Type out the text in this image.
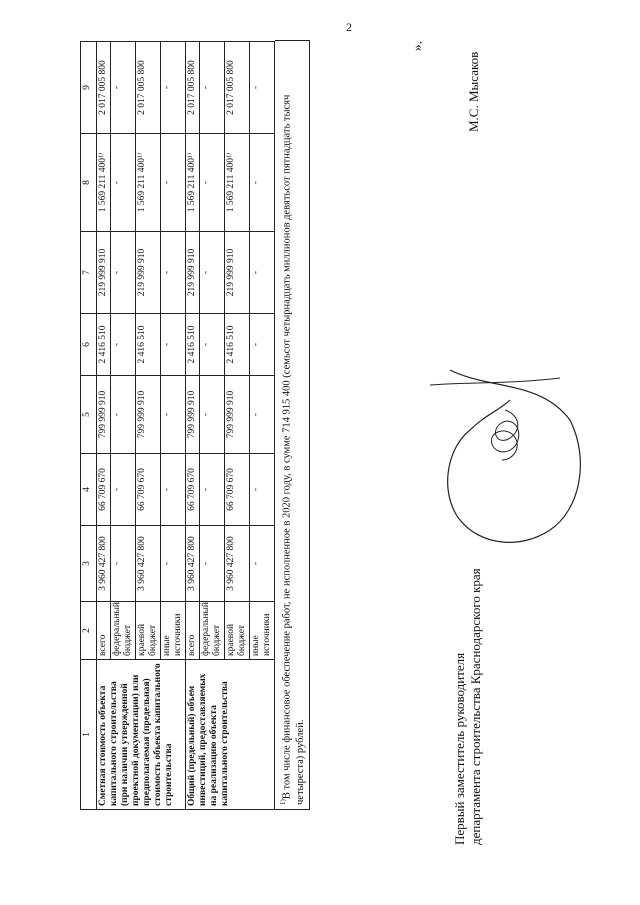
2
1	2	3	4	5	6	7	8	9
Сметная стоимость объекта капитального строительства (при наличии утвержденной проектной документации) или предполагаемая (предельная) стоимость объекта капитального строительства	всего	3 960 427 800	66 709 670	799 999 910	2 416 510	219 999 910	1 569 211 400¹⁾	2 017 005 800
	федеральный бюджет	-	-	-	-	-	-	-
	краевой бюджет	3 960 427 800	66 709 670	799 999 910	2 416 510	219 999 910	1 569 211 400¹⁾	2 017 005 800
	иные источники	-	-	-	-	-	-	-
Общий (предельный) объем инвестиций, предоставляемых на реализацию объекта капитального строительства	всего	3 960 427 800	66 709 670	799 999 910	2 416 510	219 999 910	1 569 211 400¹⁾	2 017 005 800
	федеральный бюджет	-	-	-	-	-	-	-
	краевой бюджет	3 960 427 800	66 709 670	799 999 910	2 416 510	219 999 910	1 569 211 400¹⁾	2 017 005 800
	иные источники	-	-	-	-	-	-	-
$^{1)}$В том числе финансовое обеспечение работ, не исполненное в 2020 году, в сумме 714 915 400 (семьсот четырнадцать миллионов девятьсот пятнадцать тысяч четыреста) рублей.
».
Первый заместитель руководителя департамента строительства Краснодарского края
М.С. Мысаков
